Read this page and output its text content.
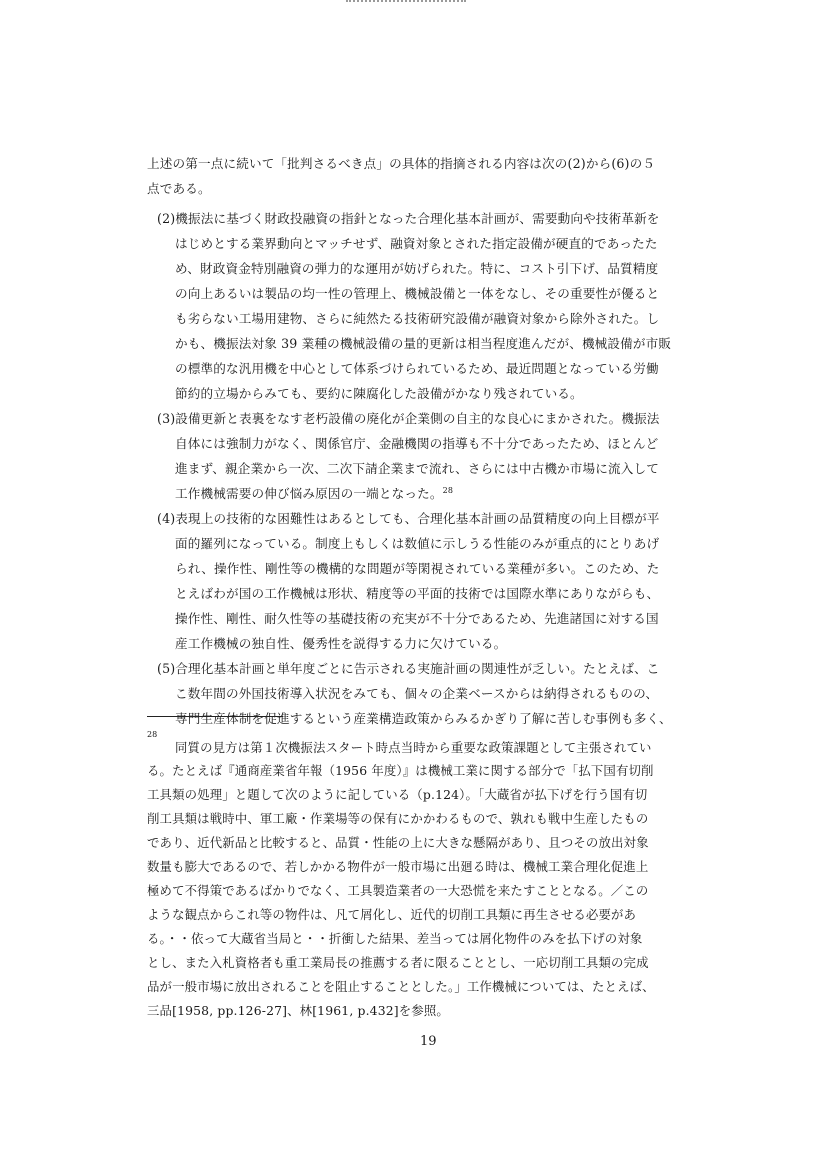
上述の第一点に続いて「批判さるべき点」の具体的指摘される内容は次の(2)から(6)の５
点である。
(2)機振法に基づく財政投融資の指針となった合理化基本計画が、需要動向や技術革新を
はじめとする業界動向とマッチせず、融資対象とされた指定設備が硬直的であったた
め、財政資金特別融資の弾力的な運用が妨げられた。特に、コスト引下げ、品質精度
の向上あるいは製品の均一性の管理上、機械設備と一体をなし、その重要性が優ると
も劣らない工場用建物、さらに純然たる技術研究設備が融資対象から除外された。し
かも、機振法対象 39 業種の機械設備の量的更新は相当程度進んだが、機械設備が市販
の標準的な汎用機を中心として体系づけられているため、最近問題となっている労働
節約的立場からみても、要約に陳腐化した設備がかなり残されている。
(3)設備更新と表裏をなす老朽設備の廃化が企業側の自主的な良心にまかされた。機振法
自体には強制力がなく、関係官庁、金融機関の指導も不十分であったため、ほとんど
進まず、親企業から一次、二次下請企業まで流れ、さらには中古機か市場に流入して
工作機械需要の伸び悩み原因の一端となった。$^{28}$
(4)表現上の技術的な困難性はあるとしても、合理化基本計画の品質精度の向上目標が平
面的羅列になっている。制度上もしくは数値に示しうる性能のみが重点的にとりあげ
られ、操作性、剛性等の機構的な問題が等閑視されている業種が多い。このため、た
とえばわが国の工作機械は形状、精度等の平面的技術では国際水準にありながらも、
操作性、剛性、耐久性等の基礎技術の充実が不十分であるため、先進諸国に対する国
産工作機械の独自性、優秀性を説得する力に欠けている。
(5)合理化基本計画と単年度ごとに告示される実施計画の関連性が乏しい。たとえば、こ
こ数年間の外国技術導入状況をみても、個々の企業ベースからは納得されるものの、
専門生産体制を促進するという産業構造政策からみるかぎり了解に苦しむ事例も多く、
28
同質の見方は第１次機振法スタート時点当時から重要な政策課題として主張されてい
る。たとえば『通商産業省年報（1956 年度）』は機械工業に関する部分で「払下国有切削
工具類の処理」と題して次のように記している（p.124）。「大蔵省が払下げを行う国有切
削工具類は戦時中、軍工廠・作業場等の保有にかかわるもので、孰れも戦中生産したもの
であり、近代新品と比較すると、品質・性能の上に大きな懸隔があり、且つその放出対象
数量も膨大であるので、若しかかる物件が一般市場に出廻る時は、機械工業合理化促進上
極めて不得策であるばかりでなく、工具製造業者の一大恐慌を来たすこととなる。／この
ような観点からこれ等の物件は、凡て屑化し、近代的切削工具類に再生させる必要があ
る。・・依って大蔵省当局と・・折衝した結果、差当っては屑化物件のみを払下げの対象
とし、また入札資格者も重工業局長の推薦する者に限ることとし、一応切削工具類の完成
品が一般市場に放出されることを阻止することとした。」工作機械については、たとえば、
三品[1958, pp.126-27]、林[1961, p.432]を参照。
19
